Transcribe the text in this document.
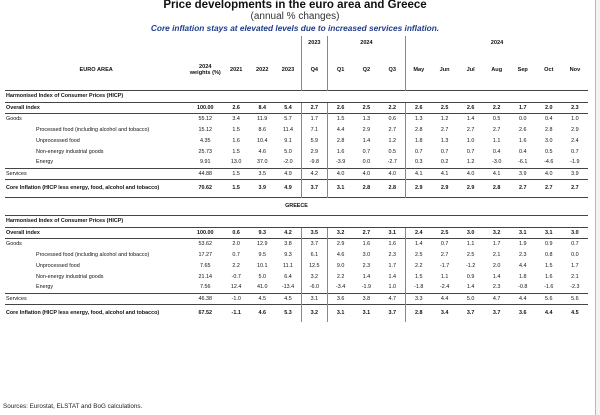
Price developments in the euro area and Greece
(annual % changes)
Core inflation stays at elevated levels due to increased services inflation.
					2023	2024			2024						
EURO AREA	2024 weights (%)	2021	2022	2023	Q4	Q1	Q2	Q3	May	Jun	Jul	Aug	Sep	Oct	Nov
Harmonised Index of Consumer Prices (HICP)															
Overall index	100.00	2.6	8.4	5.4	2.7	2.6	2.5	2.2	2.6	2.5	2.6	2.2	1.7	2.0	2.3
Goods	55.12	3.4	11.9	5.7	1.7	1.5	1.3	0.6	1.3	1.2	1.4	0.5	0.0	0.4	1.0
Processed food (including alcohol and tobacco)	15.12	1.5	8.6	11.4	7.1	4.4	2.9	2.7	2.8	2.7	2.7	2.7	2.6	2.8	2.9
Unprocessed food	4.35	1.6	10.4	9.1	5.9	2.8	1.4	1.2	1.8	1.3	1.0	1.1	1.6	3.0	2.4
Non-energy industrial goods	25.73	1.5	4.6	5.0	2.9	1.6	0.7	0.5	0.7	0.7	0.7	0.4	0.4	0.5	0.7
Energy	9.91	13.0	37.0	-2.0	-9.8	-3.9	0.0	-2.7	0.3	0.2	1.2	-3.0	-6.1	-4.6	-1.9
Services	44.88	1.5	3.5	4.9	4.2	4.0	4.0	4.0	4.1	4.1	4.0	4.1	3.9	4.0	3.9
Core Inflation (HICP less energy, food, alcohol and tobacco)	70.62	1.5	3.9	4.9	3.7	3.1	2.8	2.8	2.9	2.9	2.9	2.8	2.7	2.7	2.7
GREECE															
Harmonised Index of Consumer Prices (HICP)															
Overall index	100.00	0.6	9.3	4.2	3.5	3.2	2.7	3.1	2.4	2.5	3.0	3.2	3.1	3.1	3.0
Goods	53.62	2.0	12.9	3.8	3.7	2.9	1.6	1.6	1.4	0.7	1.1	1.7	1.9	0.9	0.7
Processed food (including alcohol and tobacco)	17.27	0.7	9.5	9.3	6.1	4.6	3.0	2.3	2.5	2.7	2.5	2.1	2.3	0.8	0.0
Unprocessed food	7.65	2.2	10.1	11.1	12.5	9.0	2.3	1.7	2.2	-1.7	-1.2	2.0	4.4	1.5	1.7
Non-energy industrial goods	21.14	-0.7	5.0	6.4	3.2	2.2	1.4	1.4	1.5	1.1	0.9	1.4	1.8	1.6	2.1
Energy	7.56	12.4	41.0	-13.4	-6.0	-3.4	-1.9	1.0	-1.8	-2.4	1.4	2.3	-0.8	-1.6	-2.3
Services	46.38	-1.0	4.5	4.5	3.1	3.6	3.8	4.7	3.3	4.4	5.0	4.7	4.4	5.6	5.6
Core Inflation (HICP less energy, food, alcohol and tobacco)	67.52	-1.1	4.6	5.3	3.2	3.1	3.1	3.7	2.8	3.4	3.7	3.7	3.6	4.4	4.5
Sources: Eurostat, ELSTAT and BoG calculations.
